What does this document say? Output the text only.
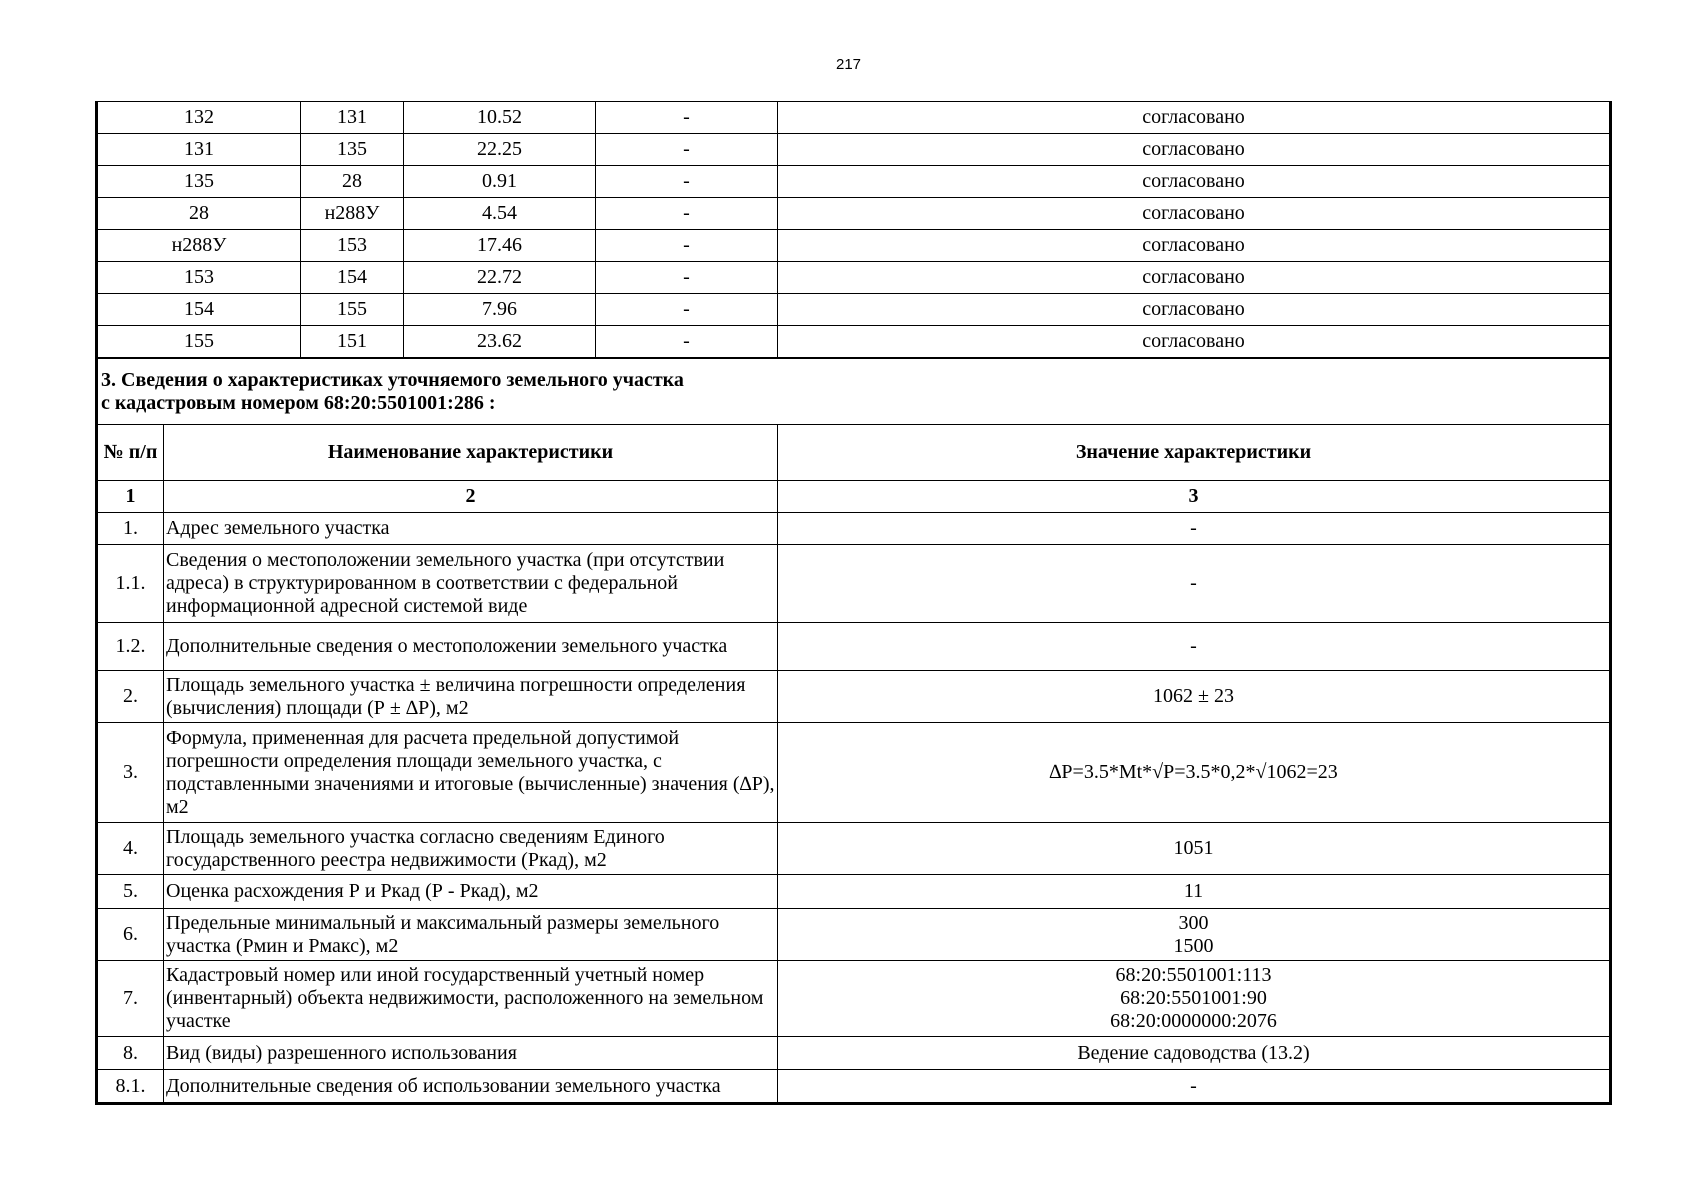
217
132	131	10.52	-	согласовано
131	135	22.25	-	согласовано
135	28	0.91	-	согласовано
28	н288У	4.54	-	согласовано
н288У	153	17.46	-	согласовано
153	154	22.72	-	согласовано
154	155	7.96	-	согласовано
155	151	23.62	-	согласовано
3. Сведения о характеристиках уточняемого земельного участка
с кадастровым номером 68:20:5501001:286 :		
№ п/п	Наименование характеристики	Значение характеристики
1	2	3
1.	Адрес земельного участка	-
1.1.	Сведения о местоположении земельного участка (при отсутствии адреса) в структурированном в соответствии с федеральной информационной адресной системой виде	-
1.2.	Дополнительные сведения о местоположении земельного участка	-
2.	Площадь земельного участка ± величина погрешности определения (вычисления) площади (Р ± ∆Р), м2	1062 ± 23
3.	Формула, примененная для расчета предельной допустимой погрешности определения площади земельного участка, с подставленными значениями и итоговые (вычисленные) значения (∆Р), м2	∆Р=3.5*Mt*√Р=3.5*0,2*√1062=23
4.	Площадь земельного участка согласно сведениям Единого государственного реестра недвижимости (Ркад), м2	1051
5.	Оценка расхождения Р и Ркад (Р - Ркад), м2	11
6.	Предельные минимальный и максимальный размеры земельного участка (Рмин и Рмакс), м2	300
1500

7.	Кадастровый номер или иной государственный учетный номер (инвентарный) объекта недвижимости, расположенного на земельном участке	68:20:5501001:113
68:20:5501001:90
68:20:0000000:2076

8.	Вид (виды) разрешенного использования	Ведение садоводства (13.2)
8.1.	Дополнительные сведения об использовании земельного участка	-
